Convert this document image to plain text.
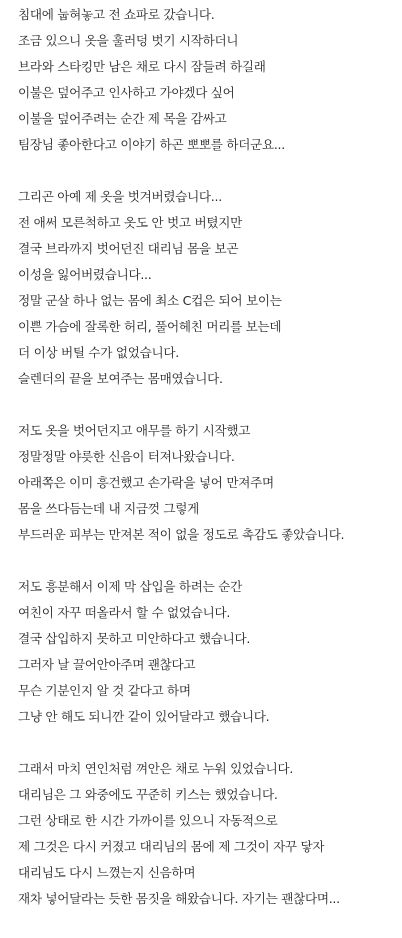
침대에 눕혀놓고 전 쇼파로 갔습니다.
조금 있으니 옷을 훌러덩 벗기 시작하더니
브라와 스타킹만 남은 채로 다시 잠들려 하길래
이불은 덮어주고 인사하고 가야겠다 싶어
이불을 덮어주려는 순간 제 목을 감싸고
팀장님 좋아한다고 이야기 하곤 뽀뽀를 하더군요...
그리곤 아예 제 옷을 벗겨버렸습니다...
전 애써 모른척하고 옷도 안 벗고 버텼지만
결국 브라까지 벗어던진 대리님 몸을 보곤
이성을 잃어버렸습니다...
정말 군살 하나 없는 몸에 최소 C컵은 되어 보이는
이쁜 가슴에 잘록한 허리, 풀어헤친 머리를 보는데
더 이상 버틸 수가 없었습니다.
슬렌더의 끝을 보여주는 몸매였습니다.
저도 옷을 벗어던지고 애무를 하기 시작했고
정말정말 야릇한 신음이 터져나왔습니다.
아래쪽은 이미 흥건했고 손가락을 넣어 만져주며
몸을 쓰다듬는데 내 지금껏 그렇게
부드러운 피부는 만져본 적이 없을 정도로 촉감도 좋았습니다.
저도 흥분해서 이제 막 삽입을 하려는 순간
여친이 자꾸 떠올라서 할 수 없었습니다.
결국 삽입하지 못하고 미안하다고 했습니다.
그러자 날 끌어안아주며 괜찮다고
무슨 기분인지 알 것 같다고 하며
그냥 안 해도 되니깐 같이 있어달라고 했습니다.
그래서 마치 연인처럼 껴안은 채로 누워 있었습니다.
대리님은 그 와중에도 꾸준히 키스는 했었습니다.
그런 상태로 한 시간 가까이를 있으니 자동적으로
제 그것은 다시 커졌고 대리님의 몸에 제 그것이 자꾸 닿자
대리님도 다시 느꼈는지 신음하며
재차 넣어달라는 듯한 몸짓을 해왔습니다. 자기는 괜찮다며...
